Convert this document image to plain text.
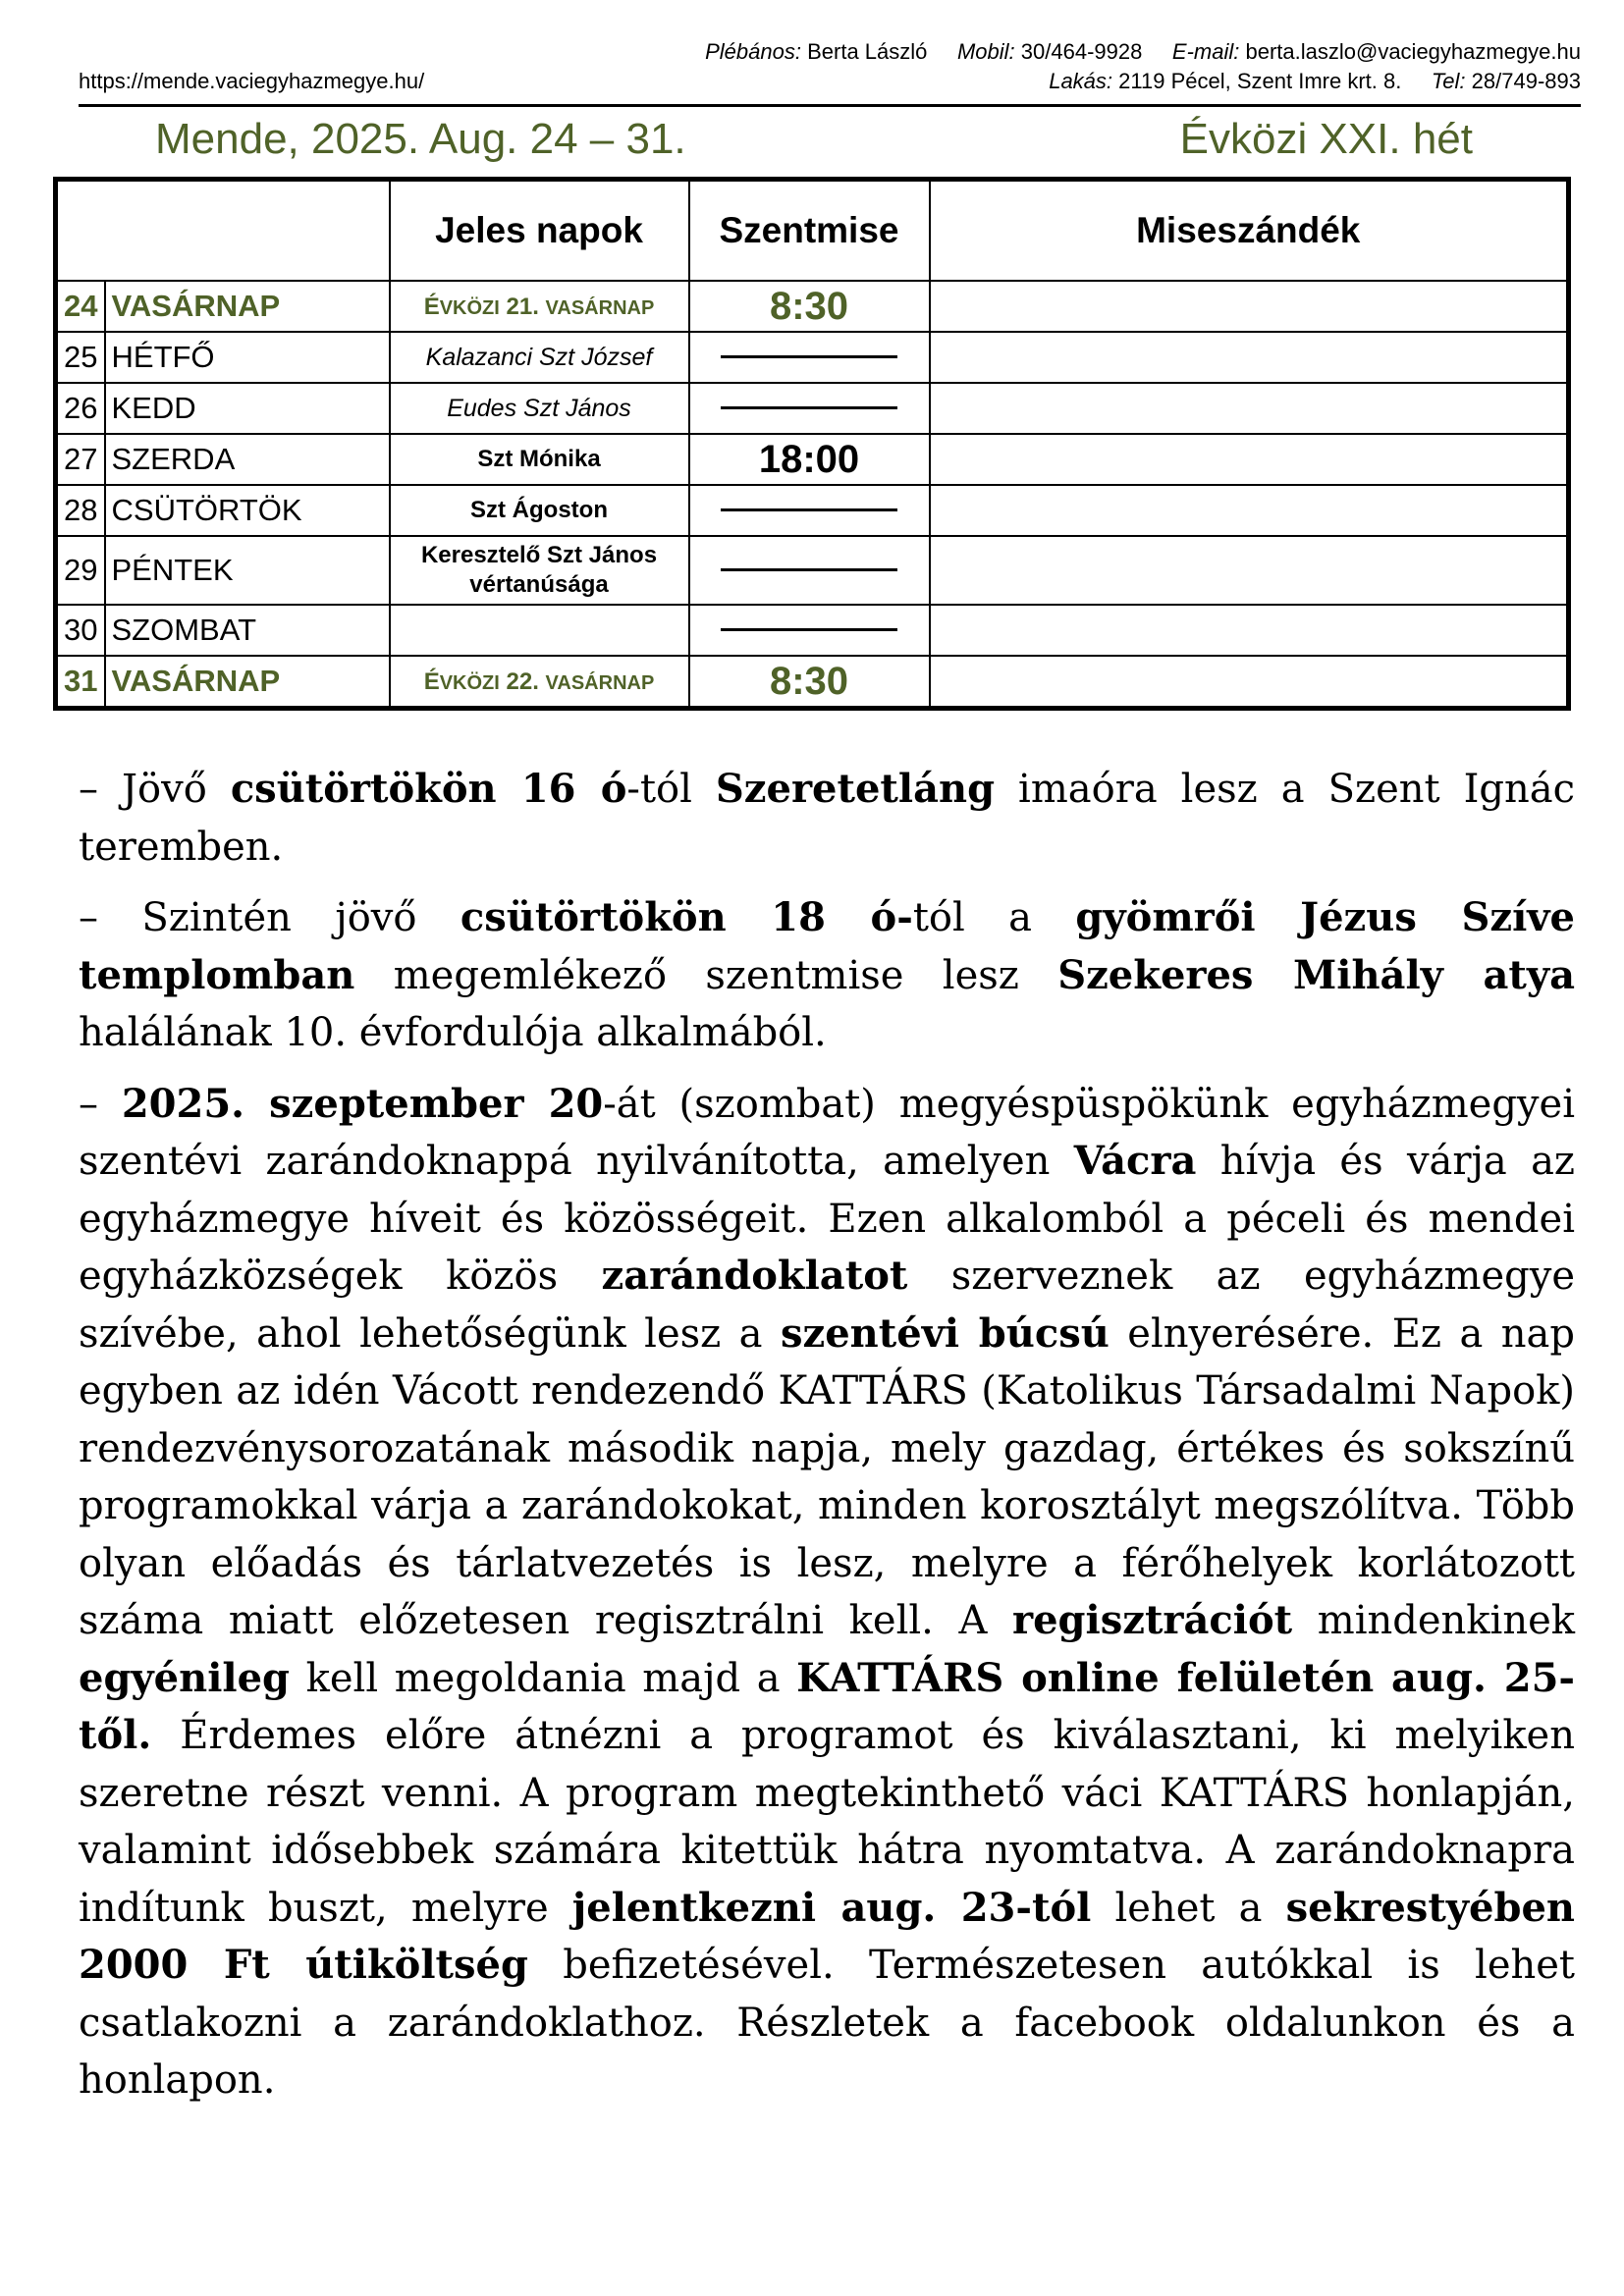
Plébános: Berta László Mobil: 30/464-9928 E-mail: berta.laszlo@vaciegyhazmegye.hu
https://mende.vaciegyhazmegye.hu/	Lakás: 2119 Pécel, Szent Imre krt. 8. Tel: 28/749-893
Mende, 2025. Aug. 24 – 31.	Évközi XXI. hét
		Jeles napok	Szentmise	Miseszándék
24	VASÁRNAP	ÉVKÖZI 21. VASÁRNAP	8:30	
25	HÉTFŐ	Kalazanci Szt József		
26	KEDD	Eudes Szt János		
27	SZERDA	Szt Mónika	18:00	
28	CSÜTÖRTÖK	Szt Ágoston		
29	PÉNTEK	Keresztelő Szt János
vértanúsága		

30	SZOMBAT			
31	VASÁRNAP	ÉVKÖZI 22. VASÁRNAP	8:30	

– Jövő csütörtökön 16 ó-tól Szeretetláng imaóra lesz a Szent Ignác teremben.

– Szintén jövő csütörtökön 18 ó-tól a gyömrői Jézus Szíve templomban megemlékező szentmise lesz Szekeres Mihály atya halálának 10. évfordulója alkalmából.

– 2025. szeptember 20-át (szombat) megyéspüspökünk egyházmegyei szentévi zarándoknappá nyilvánította, amelyen Vácra hívja és várja az egyházmegye híveit és közösségeit. Ezen alkalomból a péceli és mendei egyházközségek közös zarándoklatot szerveznek az egyházmegye szívébe, ahol lehetőségünk lesz a szentévi búcsú elnyerésére. Ez a nap egyben az idén Vácott rendezendő KATTÁRS (Katolikus Társadalmi Napok) rendezvénysorozatának második napja, mely gazdag, értékes és sokszínű programokkal várja a zarándokokat, minden korosztályt megszólítva. Több olyan előadás és tárlatvezetés is lesz, melyre a férőhelyek korlátozott száma miatt előzetesen regisztrálni kell. A regisztrációt mindenkinek egyénileg kell megoldania majd a KATTÁRS online felületén aug. 25-től. Érdemes előre átnézni a programot és kiválasztani, ki melyiken szeretne részt venni. A program megtekinthető váci KATTÁRS honlapján, valamint idősebbek számára kitettük hátra nyomtatva. A zarándoknapra indítunk buszt, melyre jelentkezni aug. 23-tól lehet a sekrestyében 2000 Ft útiköltség befizetésével. Természetesen autókkal is lehet csatlakozni a zarándoklathoz. Részletek a facebook oldalunkon és a honlapon.
